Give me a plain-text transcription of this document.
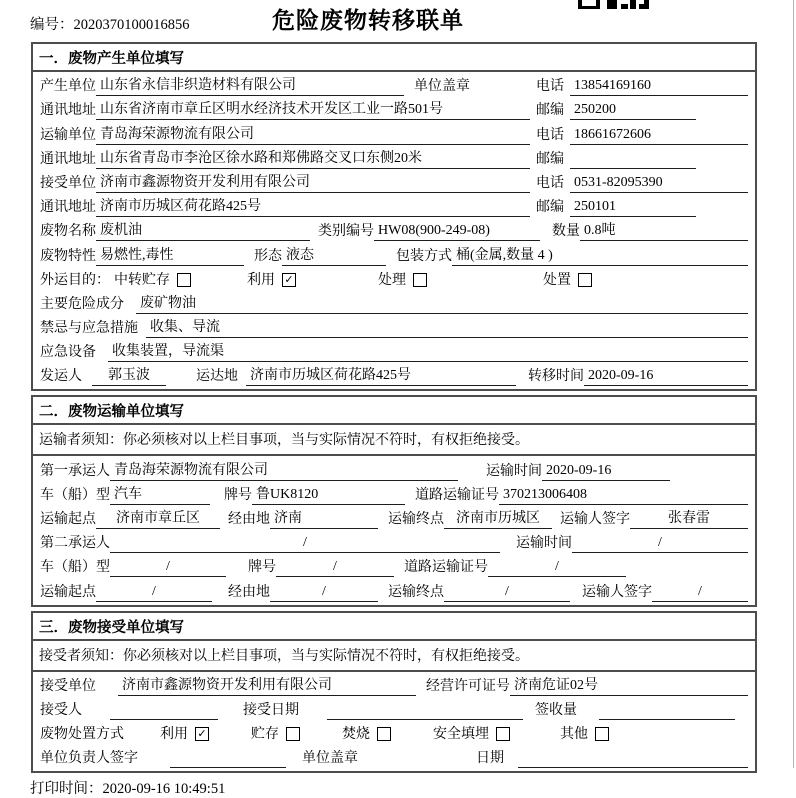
编号：2020370100016856	危险废物转移联单
一．废物产生单位填写
产生单位 山东省永信非织造材料有限公司	单位盖章	电话 13854169160
通讯地址 山东省济南市章丘区明水经济技术开发区工业一路501号	邮编 250200
运输单位 青岛海荣源物流有限公司	电话 18661672606
通讯地址 山东省青岛市李沧区徐水路和郑佛路交叉口东侧20米	邮编
接受单位 济南市鑫源物资开发利用有限公司	电话 0531-82095390
通讯地址 济南市历城区荷花路425号	邮编 250101
废物名称 废机油	类别编号 HW08(900-249-08)	数量 0.8吨
废物特性 易燃性,毒性	形态 液态	包装方式 桶(金属,数量 4 )
外运目的： 中转贮存	利用 ✓	处理	处置
主要危险成分 废矿物油
禁忌与应急措施 收集、导流
应急设备 收集装置，导流渠
发运人	郭玉波	运达地 济南市历城区荷花路425号	转移时间 2020-09-16
二．废物运输单位填写
运输者须知：你必须核对以上栏目事项，当与实际情况不符时，有权拒绝接受。
第一承运人 青岛海荣源物流有限公司	运输时间 2020-09-16
车（船）型 汽车	牌号 鲁UK8120	道路运输证号 370213006408
运输起点	济南市章丘区	经由地 济南	运输终点 济南市历城区	运输人签字	张春雷
第二承运人	/	运输时间	/
车（船）型	/	牌号	/	道路运输证号	/
运输起点	/	经由地	/	运输终点	/	运输人签字	/
三．废物接受单位填写
接受者须知：你必须核对以上栏目事项，当与实际情况不符时，有权拒绝接受。
接受单位 济南市鑫源物资开发利用有限公司	经营许可证号 济南危证02号
接受人	接受日期	签收量
废物处置方式	利用 ✓	贮存	焚烧	安全填埋	其他
单位负责人签字	单位盖章	日期
打印时间：2020-09-16 10:49:51
